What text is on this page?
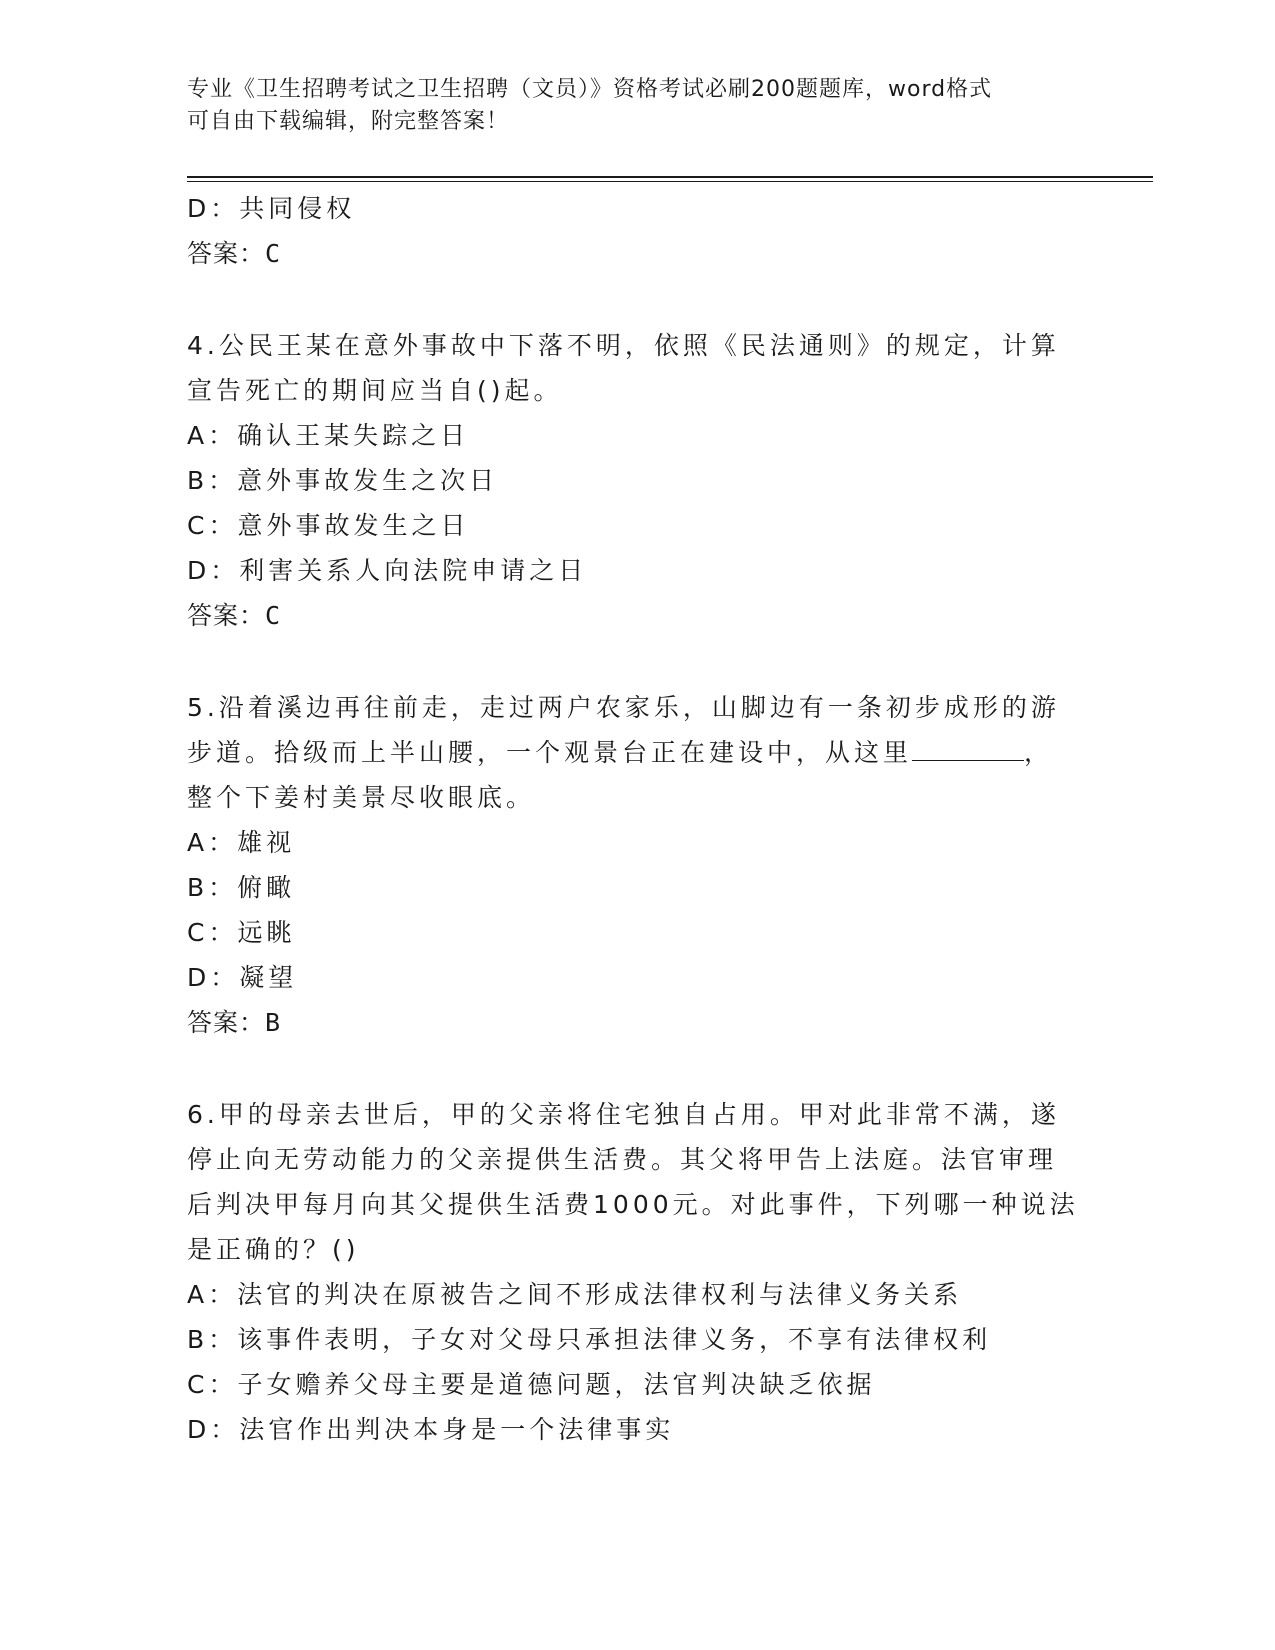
专业《卫生招聘考试之卫生招聘（文员）》资格考试必刷200题题库，word格式
可自由下载编辑，附完整答案！
D：共同侵权
答案：C
4.公民王某在意外事故中下落不明，依照《民法通则》的规定，计算
宣告死亡的期间应当自()起。
A：确认王某失踪之日
B：意外事故发生之次日
C：意外事故发生之日
D：利害关系人向法院申请之日
答案：C
5.沿着溪边再往前走，走过两户农家乐，山脚边有一条初步成形的游
步道。拾级而上半山腰，一个观景台正在建设中，从这里	，
整个下姜村美景尽收眼底。
A：雄视
B：俯瞰
C：远眺
D：凝望
答案：B
6.甲的母亲去世后，甲的父亲将住宅独自占用。甲对此非常不满，遂
停止向无劳动能力的父亲提供生活费。其父将甲告上法庭。法官审理
后判决甲每月向其父提供生活费1000元。对此事件，下列哪一种说法
是正确的？()
A：法官的判决在原被告之间不形成法律权利与法律义务关系
B：该事件表明，子女对父母只承担法律义务，不享有法律权利
C：子女赡养父母主要是道德问题，法官判决缺乏依据
D：法官作出判决本身是一个法律事实
